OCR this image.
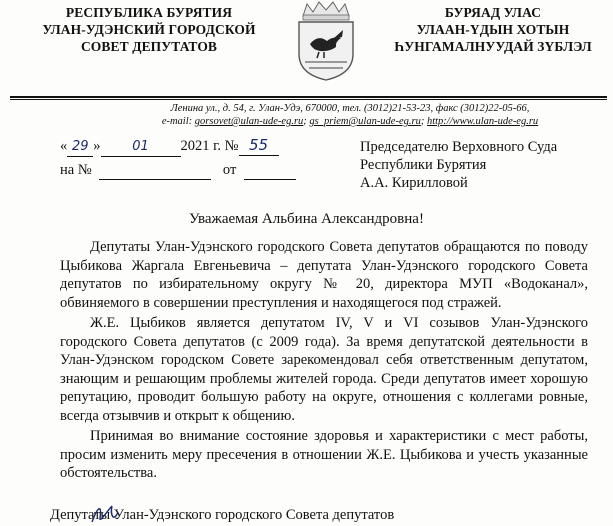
РЕСПУБЛИКА БУРЯТИЯ
УЛАН-УДЭНСКИЙ ГОРОДСКОЙ
СОВЕТ ДЕПУТАТОВ
БУРЯАД УЛАС
УЛААН-YДЫН ХОТЫН
ҺУНГАМАЛНУУДАЙ ЗYБЛЭЛ
Ленина ул., д. 54, г. Улан-Удэ, 670000, тел. (3012)21-53-23, факс (3012)22-05-66,
e-mail: gorsovet@ulan-ude-eg.ru; gs_priem@ulan-ude-eg.ru; http://www.ulan-ude-eg.ru
« 29 » 01 2021 г. № 55
на №	от
Председателю Верховного Суда
Республики Бурятия
А.А. Кирилловой
Уважаемая Альбина Александровна!

Депутаты Улан-Удэнского городского Совета депутатов обращаются по поводу Цыбикова Жаргала Евгеньевича – депутата Улан-Удэнского городского Совета депутатов по избирательному округу № 20, директора МУП «Водоканал», обвиняемого в совершении преступления и находящегося под стражей.

Ж.Е. Цыбиков является депутатом IV, V и VI созывов Улан-Удэнского городского Совета депутатов (с 2009 года). За время депутатской деятельности в Улан-Удэнском городском Совете зарекомендовал себя ответственным депутатом, знающим и решающим проблемы жителей города. Среди депутатов имеет хорошую репутацию, проводит большую работу на округе, отношения с коллегами ровные, всегда отзывчив и открыт к общению.

Принимая во внимание состояние здоровья и характеристики с мест работы, просим изменить меру пресечения в отношении Ж.Е. Цыбикова и учесть указанные обстоятельства.

Депутаты Улан-Удэнского городского Совета депутатов
